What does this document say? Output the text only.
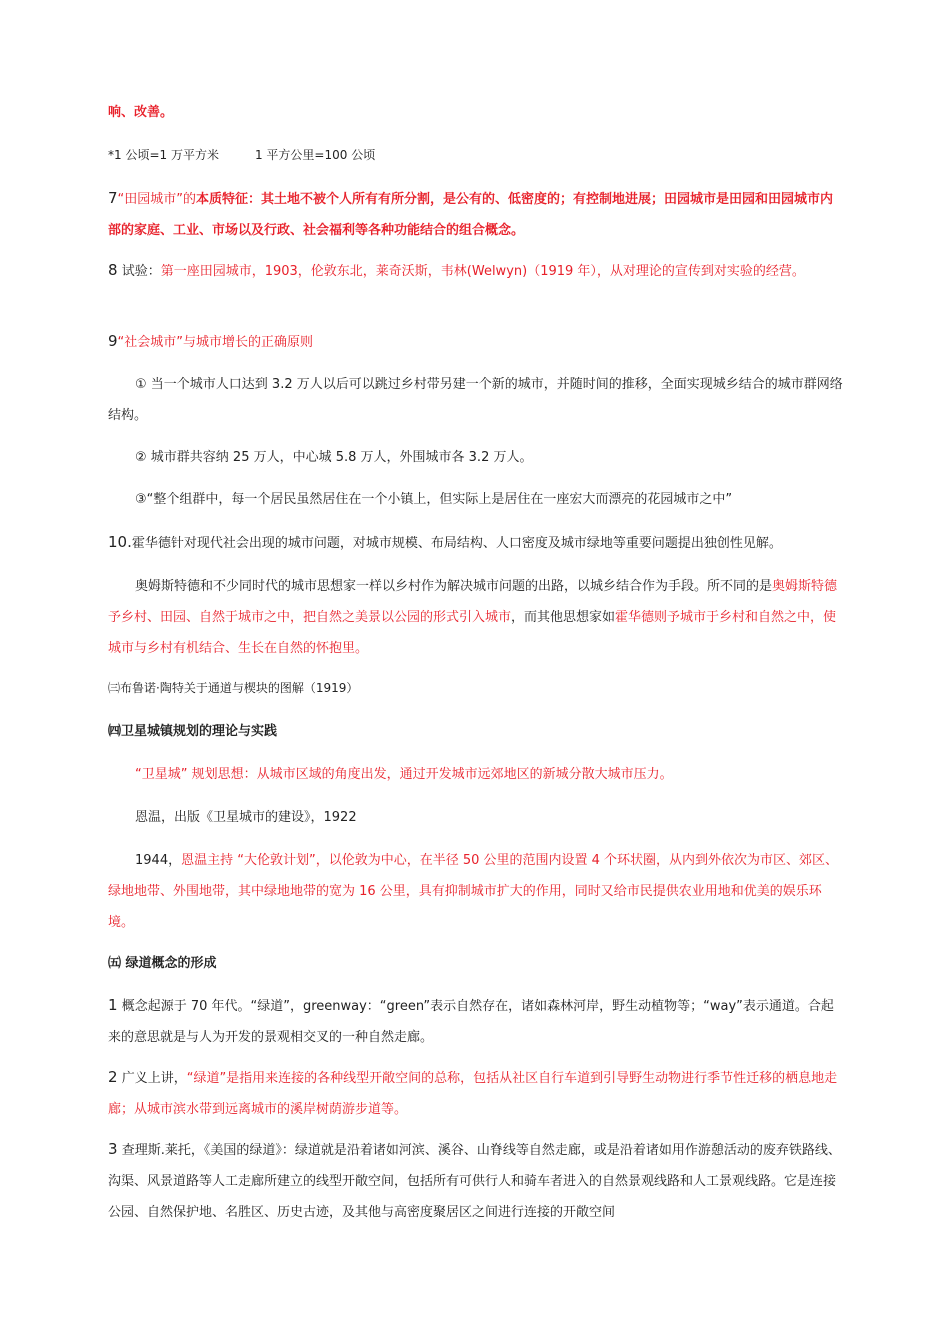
响、改善。
*1 公顷=1 万平方米	1 平方公里=100 公顷
7“田园城市”的本质特征：其土地不被个人所有有所分割，是公有的、低密度的；有控制地进展；田园城市是田园和田园城市内部的家庭、工业、市场以及行政、社会福利等各种功能结合的组合概念。
8 试验：第一座田园城市，1903，伦敦东北，莱奇沃斯，韦林(Welwyn)（1919 年），从对理论的宣传到对实验的经营。
9“社会城市”与城市增长的正确原则
① 当一个城市人口达到 3.2 万人以后可以跳过乡村带另建一个新的城市，并随时间的推移，全面实现城乡结合的城市群网络结构。
② 城市群共容纳 25 万人，中心城 5.8 万人，外围城市各 3.2 万人。
③“整个组群中，每一个居民虽然居住在一个小镇上，但实际上是居住在一座宏大而漂亮的花园城市之中”
10.霍华德针对现代社会出现的城市问题，对城市规模、布局结构、人口密度及城市绿地等重要问题提出独创性见解。
奥姆斯特德和不少同时代的城市思想家一样以乡村作为解决城市问题的出路，以城乡结合作为手段。所不同的是奥姆斯特德予乡村、田园、自然于城市之中，把自然之美景以公园的形式引入城市，而其他思想家如霍华德则予城市于乡村和自然之中，使城市与乡村有机结合、生长在自然的怀抱里。
㈢布鲁诺·陶特关于通道与楔块的图解（1919）
㈣卫星城镇规划的理论与实践
“卫星城” 规划思想：从城市区域的角度出发，通过开发城市远郊地区的新城分散大城市压力。
恩温，出版《卫星城市的建设》，1922
1944，恩温主持 “大伦敦计划”，以伦敦为中心，在半径 50 公里的范围内设置 4 个环状圈，从内到外依次为市区、郊区、绿地地带、外围地带，其中绿地地带的宽为 16 公里，具有抑制城市扩大的作用，同时又给市民提供农业用地和优美的娱乐环境。
㈤ 绿道概念的形成
1 概念起源于 70 年代。“绿道”，greenway：“green”表示自然存在，诸如森林河岸，野生动植物等；“way”表示通道。合起来的意思就是与人为开发的景观相交叉的一种自然走廊。
2 广义上讲，“绿道”是指用来连接的各种线型开敞空间的总称，包括从社区自行车道到引导野生动物进行季节性迁移的栖息地走廊；从城市滨水带到远离城市的溪岸树荫游步道等。
3 查理斯.莱托，《美国的绿道》：绿道就是沿着诸如河滨、溪谷、山脊线等自然走廊，或是沿着诸如用作游憩活动的废弃铁路线、沟渠、风景道路等人工走廊所建立的线型开敞空间，包括所有可供行人和骑车者进入的自然景观线路和人工景观线路。它是连接公园、自然保护地、名胜区、历史古迹，及其他与高密度聚居区之间进行连接的开敞空间
